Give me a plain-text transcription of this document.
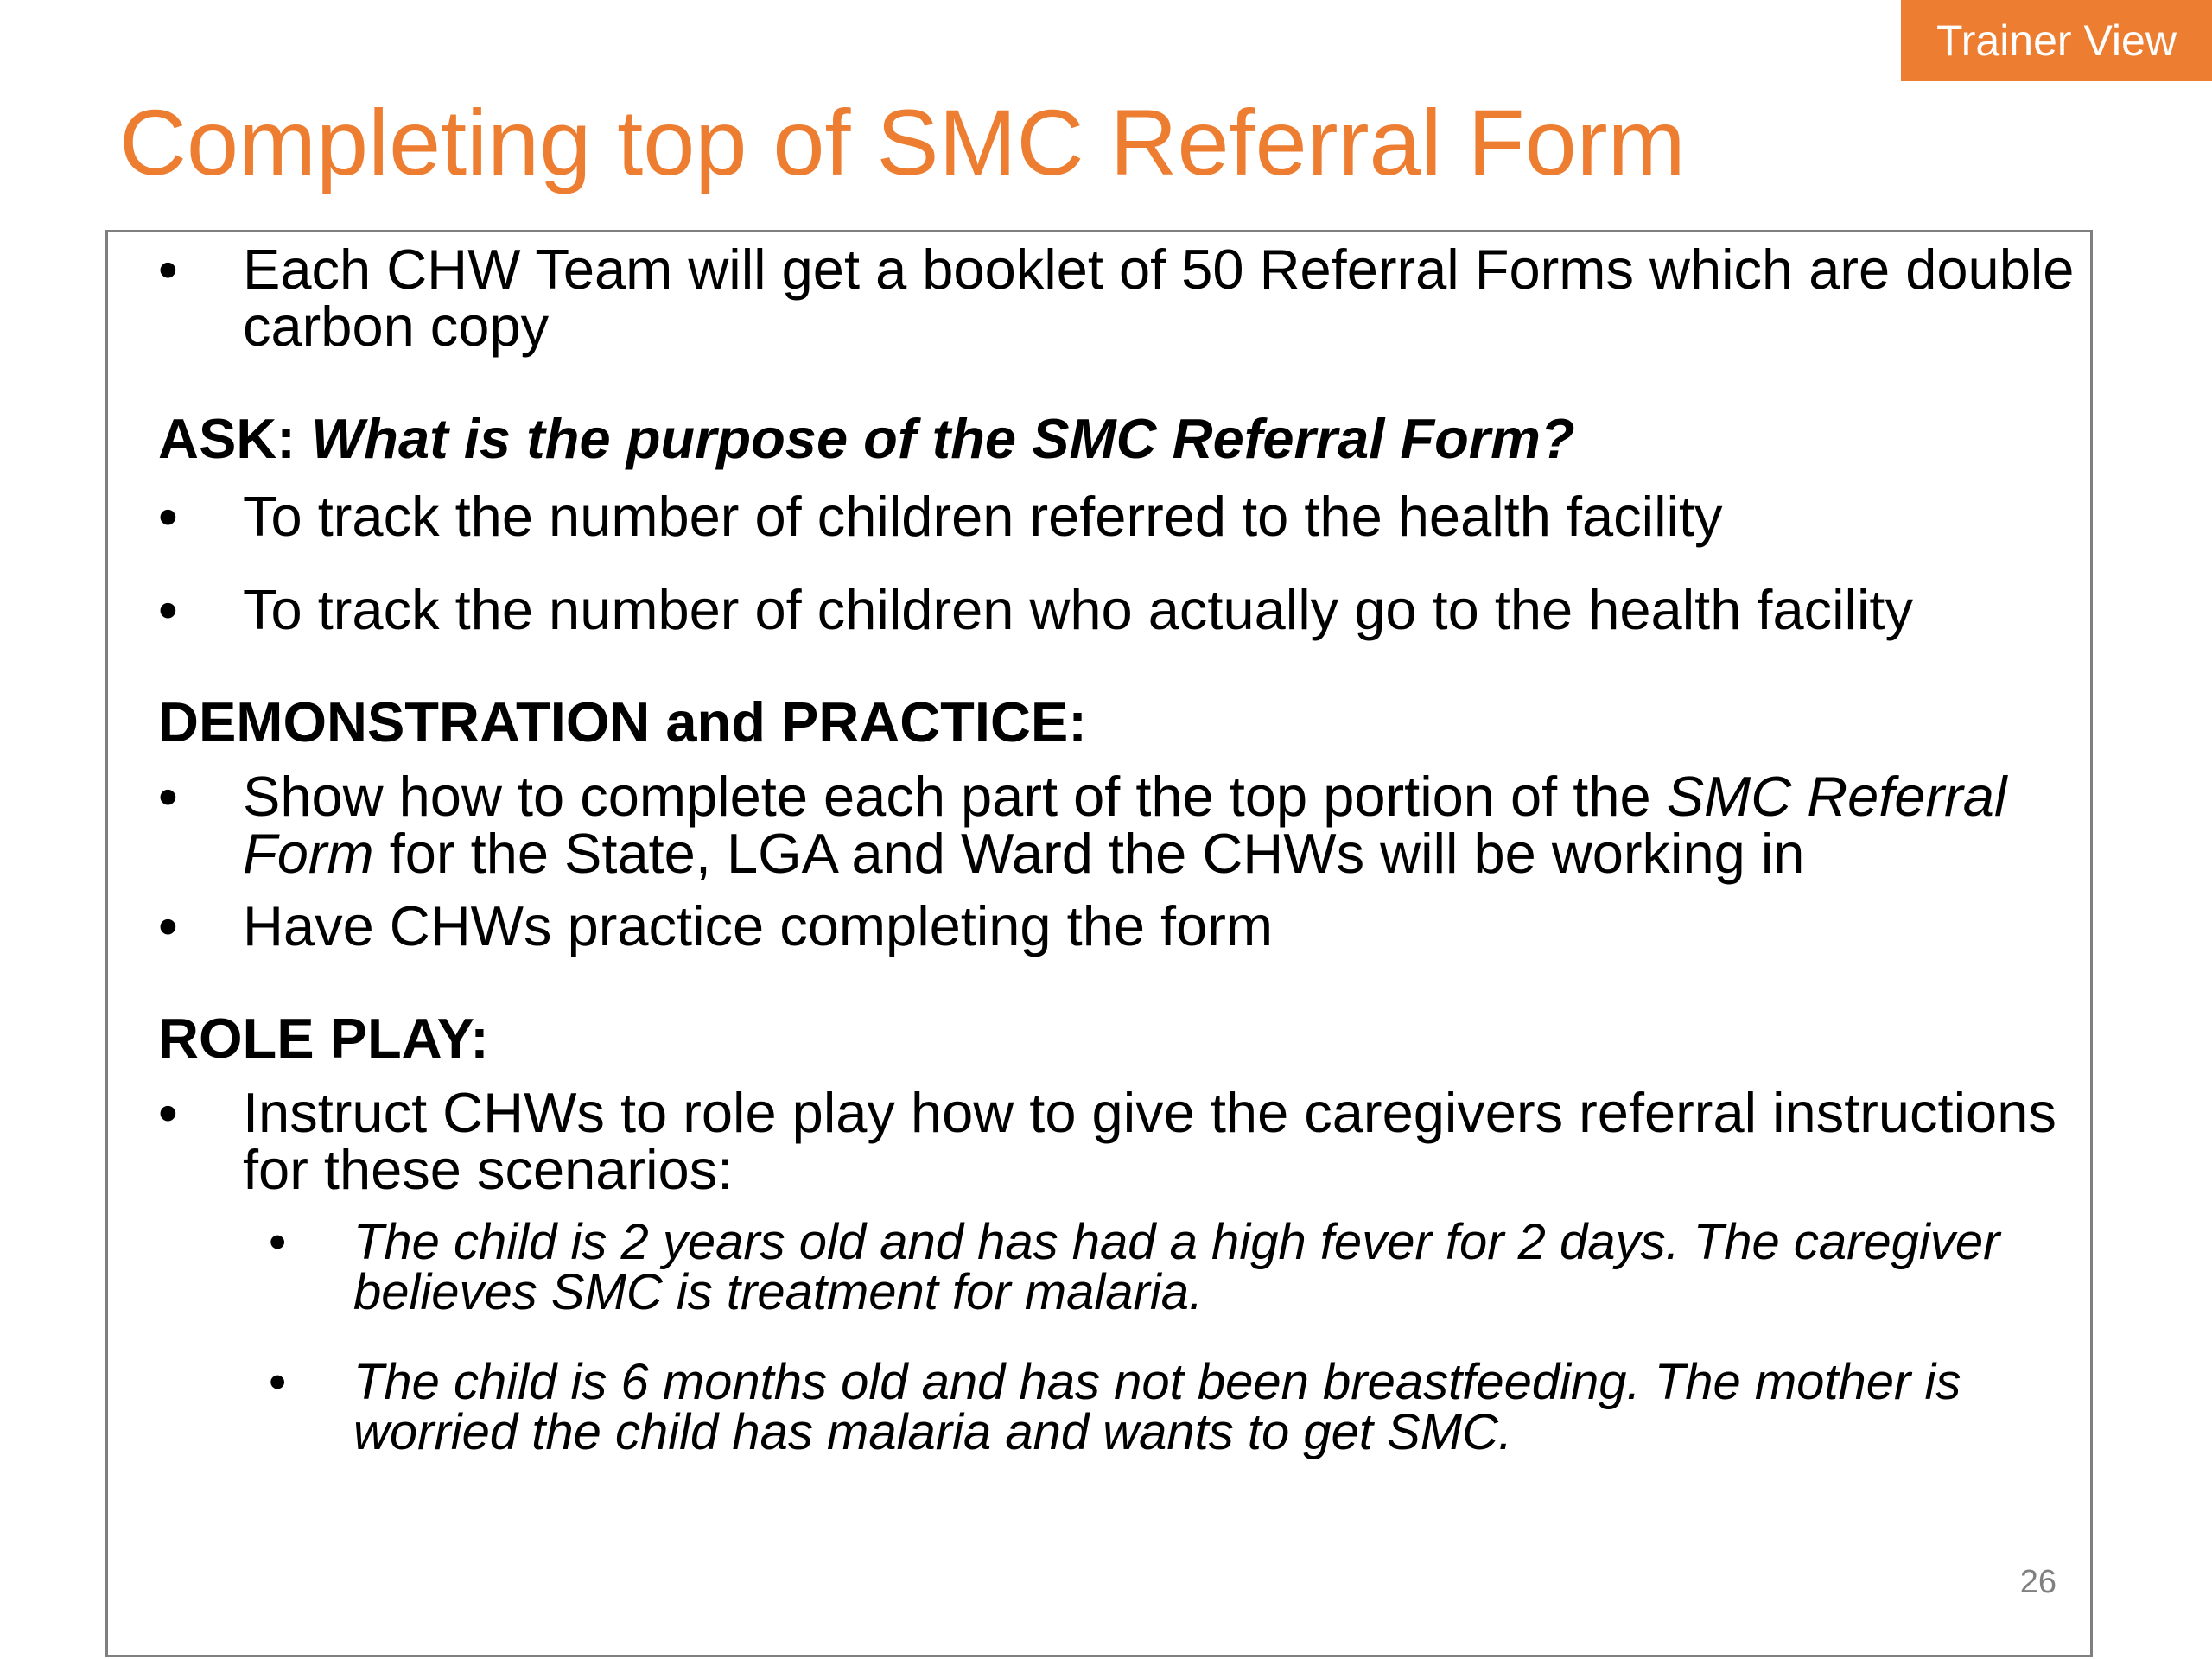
Trainer View
Completing top of SMC Referral Form
•	Each CHW Team will get a booklet of 50 Referral Forms which are double carbon copy
ASK: What is the purpose of the SMC Referral Form?
•	To track the number of children referred to the health facility
•	To track the number of children who actually go to the health facility
DEMONSTRATION and PRACTICE:
•	Show how to complete each part of the top portion of the SMC Referral Form for the State, LGA and Ward the CHWs will be working in
•	Have CHWs practice completing the form
ROLE PLAY:
•	Instruct CHWs to role play how to give the caregivers referral instructions for these scenarios:
• The child is 2 years old and has had a high fever for 2 days. The caregiver believes SMC is treatment for malaria.
• The child is 6 months old and has not been breastfeeding. The mother is worried the child has malaria and wants to get SMC.
26
